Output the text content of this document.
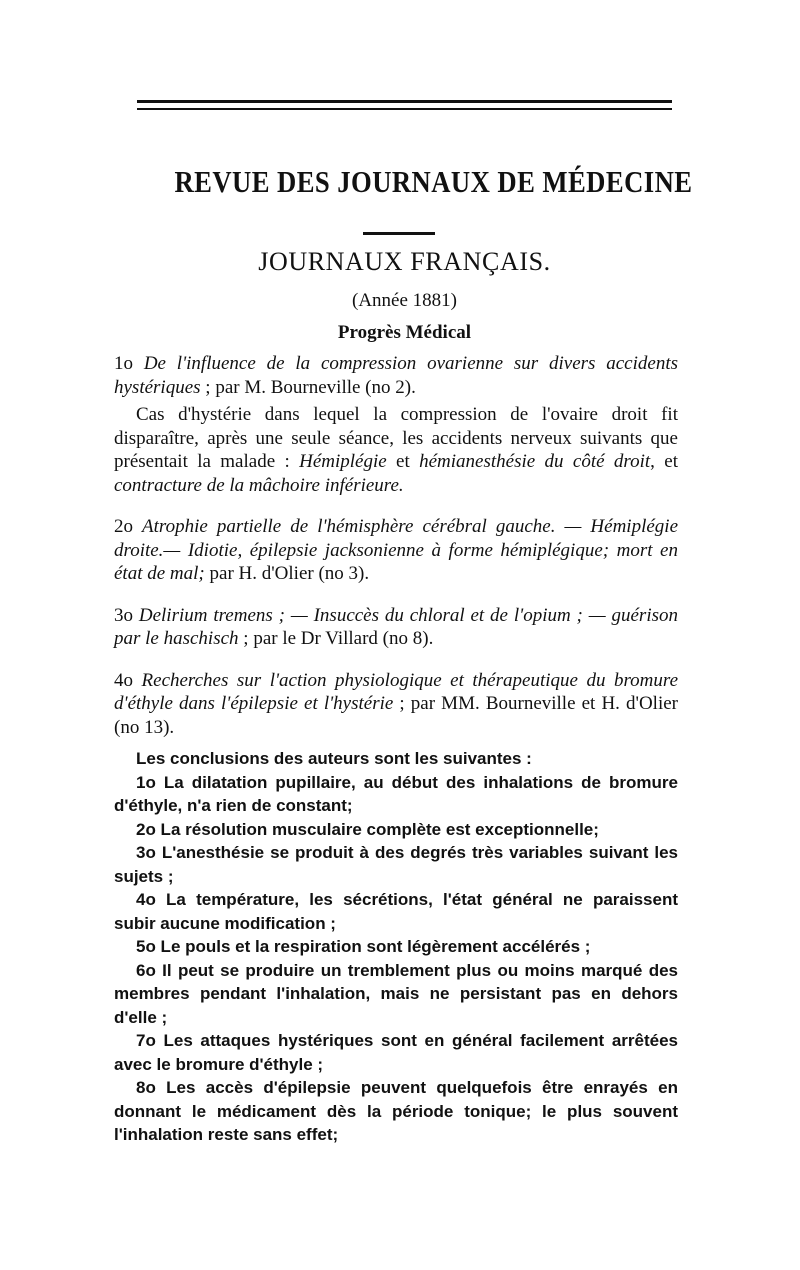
REVUE DES JOURNAUX DE MÉDECINE
JOURNAUX FRANÇAIS.
(Année 1881)
Progrès Médical

1o De l'influence de la compression ovarienne sur divers accidents hystériques ; par M. Bourneville (no 2).

Cas d'hystérie dans lequel la compression de l'ovaire droit fit disparaître, après une seule séance, les accidents nerveux suivants que présentait la malade : Hémiplégie et hémianesthésie du côté droit, et contracture de la mâchoire inférieure.

2o Atrophie partielle de l'hémisphère cérébral gauche. — Hémiplégie droite.— Idiotie, épilepsie jacksonienne à forme hémiplégique; mort en état de mal; par H. d'Olier (no 3).

3o Delirium tremens ; — Insuccès du chloral et de l'opium ; — guérison par le haschisch ; par le Dr Villard (no 8).

4o Recherches sur l'action physiologique et thérapeutique du bromure d'éthyle dans l'épilepsie et l'hystérie ; par MM. Bourneville et H. d'Olier (no 13).

Les conclusions des auteurs sont les suivantes :

1o La dilatation pupillaire, au début des inhalations de bromure d'éthyle, n'a rien de constant;

2o La résolution musculaire complète est exceptionnelle;

3o L'anesthésie se produit à des degrés très variables suivant les sujets ;

4o La température, les sécrétions, l'état général ne paraissent subir aucune modification ;

5o Le pouls et la respiration sont légèrement accélérés ;

6o Il peut se produire un tremblement plus ou moins marqué des membres pendant l'inhalation, mais ne persistant pas en dehors d'elle ;

7o Les attaques hystériques sont en général facilement arrêtées avec le bromure d'éthyle ;

8o Les accès d'épilepsie peuvent quelquefois être enrayés en donnant le médicament dès la période tonique; le plus souvent l'inhalation reste sans effet;
